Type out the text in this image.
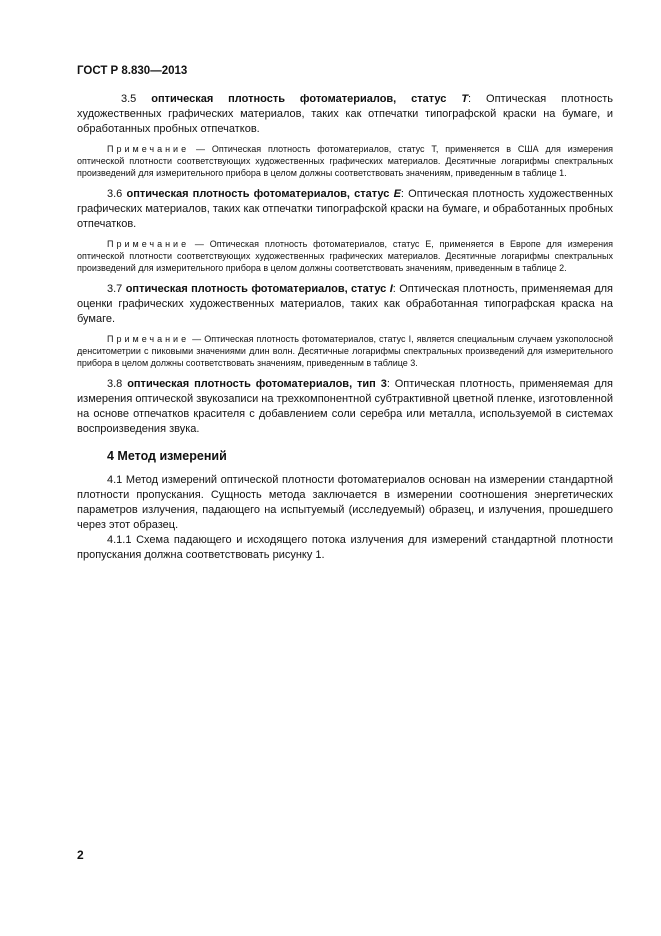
ГОСТ Р 8.830—2013

3.5 оптическая плотность фотоматериалов, статус T: Оптическая плотность художественных графических материалов, таких как отпечатки типографской краски на бумаге, и обработанных пробных отпечатков.

Примечание — Оптическая плотность фотоматериалов, статус T, применяется в США для измерения оптической плотности соответствующих художественных графических материалов. Десятичные логарифмы спектральных произведений для измерительного прибора в целом должны соответствовать значениям, приведенным в таблице 1.

3.6 оптическая плотность фотоматериалов, статус E: Оптическая плотность художественных графических материалов, таких как отпечатки типографской краски на бумаге, и обработанных пробных отпечатков.

Примечание — Оптическая плотность фотоматериалов, статус E, применяется в Европе для измерения оптической плотности соответствующих художественных графических материалов. Десятичные логарифмы спектральных произведений для измерительного прибора в целом должны соответствовать значениям, приведенным в таблице 2.

3.7 оптическая плотность фотоматериалов, статус I: Оптическая плотность, применяемая для оценки графических художественных материалов, таких как обработанная типографская краска на бумаге.

Примечание — Оптическая плотность фотоматериалов, статус I, является специальным случаем узкополосной денситометрии с пиковыми значениями длин волн. Десятичные логарифмы спектральных произведений для измерительного прибора в целом должны соответствовать значениям, приведенным в таблице 3.

3.8 оптическая плотность фотоматериалов, тип 3: Оптическая плотность, применяемая для измерения оптической звукозаписи на трехкомпонентной субтрактивной цветной пленке, изготовленной на основе отпечатков красителя с добавлением соли серебра или металла, используемой в системах воспроизведения звука.

4 Метод измерений

4.1 Метод измерений оптической плотности фотоматериалов основан на измерении стандартной плотности пропускания. Сущность метода заключается в измерении соотношения энергетических параметров излучения, падающего на испытуемый (исследуемый) образец, и излучения, прошедшего через этот образец.

4.1.1 Схема падающего и исходящего потока излучения для измерений стандартной плотности пропускания должна соответствовать рисунку 1.

2
